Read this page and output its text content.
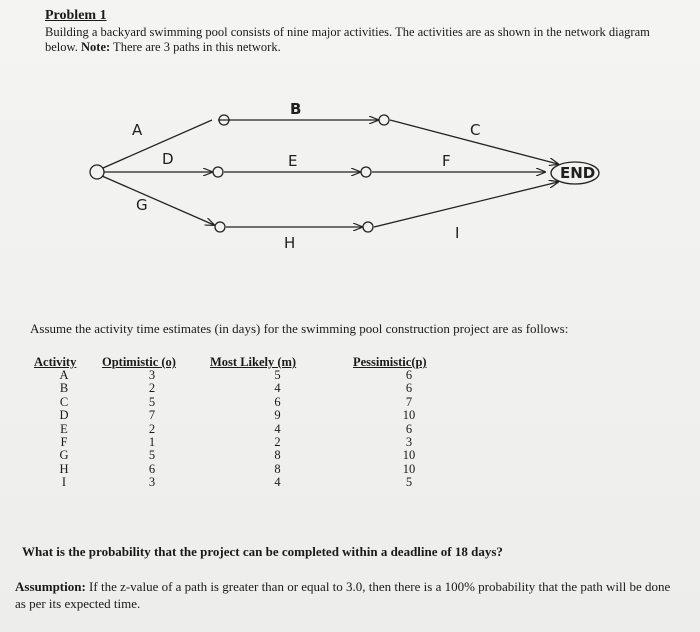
Problem 1
Building a backyard swimming pool consists of nine major activities. The activities are as shown in the network diagram below. Note: There are 3 paths in this network.
A
B
C
D	E	F
G
H
I
END
Assume the activity time estimates (in days) for the swimming pool construction project are as follows:
Activity	Optimistic (o)	Most Likely (m)	Pessimistic(p)
A	3	5	6
B	2	4	6
C	5	6	7
D	7	9	10
E	2	4	6
F	1	2	3
G	5	8	10
H	6	8	10
I	3	4	5
What is the probability that the project can be completed within a deadline of 18 days?
Assumption: If the z-value of a path is greater than or equal to 3.0, then there is a 100% probability that the path will be done as per its expected time.
